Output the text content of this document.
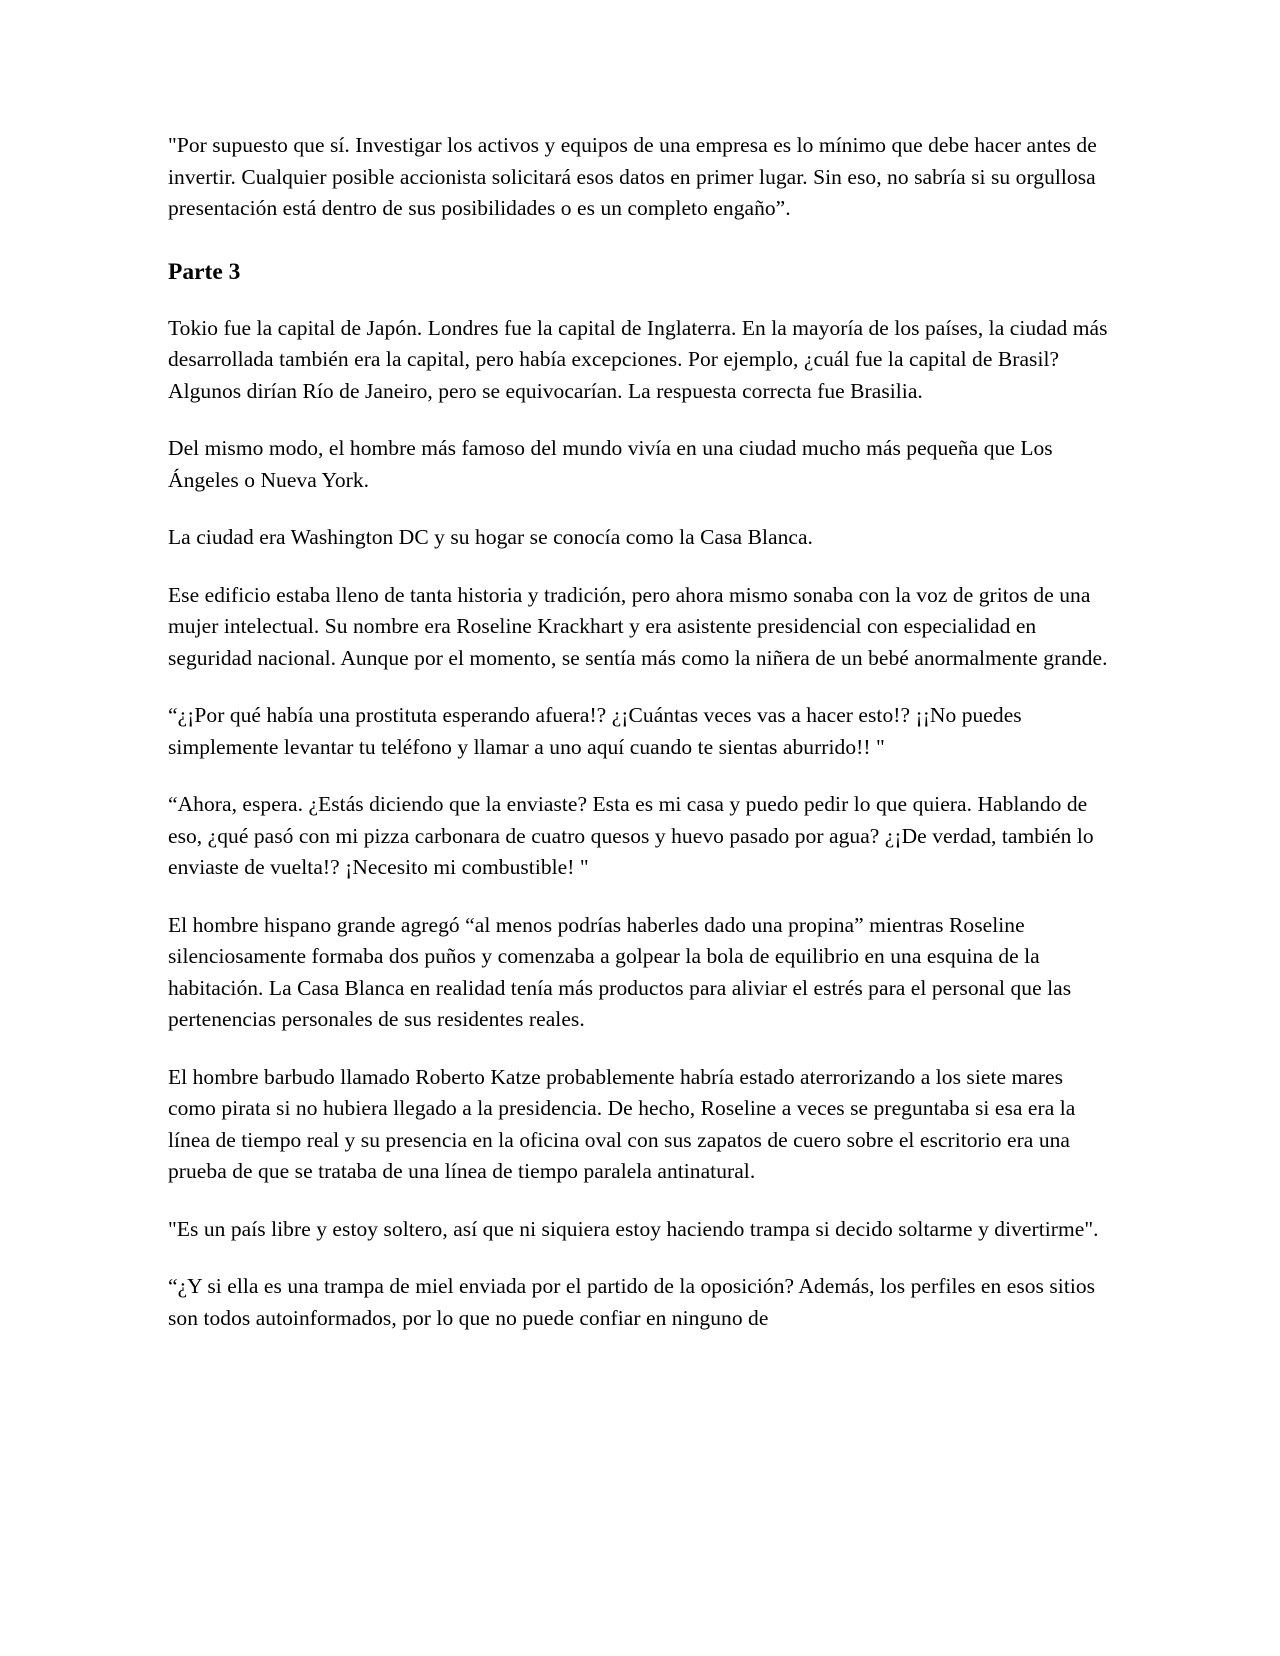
"Por supuesto que sí. Investigar los activos y equipos de una empresa es lo mínimo que debe hacer antes de invertir. Cualquier posible accionista solicitará esos datos en primer lugar. Sin eso, no sabría si su orgullosa presentación está dentro de sus posibilidades o es un completo engaño”.

Parte 3

Tokio fue la capital de Japón. Londres fue la capital de Inglaterra. En la mayoría de los países, la ciudad más desarrollada también era la capital, pero había excepciones. Por ejemplo, ¿cuál fue la capital de Brasil? Algunos dirían Río de Janeiro, pero se equivocarían. La respuesta correcta fue Brasilia.

Del mismo modo, el hombre más famoso del mundo vivía en una ciudad mucho más pequeña que Los Ángeles o Nueva York.

La ciudad era Washington DC y su hogar se conocía como la Casa Blanca.

Ese edificio estaba lleno de tanta historia y tradición, pero ahora mismo sonaba con la voz de gritos de una mujer intelectual. Su nombre era Roseline Krackhart y era asistente presidencial con especialidad en seguridad nacional. Aunque por el momento, se sentía más como la niñera de un bebé anormalmente grande.

“¿¡Por qué había una prostituta esperando afuera!? ¿¡Cuántas veces vas a hacer esto!? ¡¡No puedes simplemente levantar tu teléfono y llamar a uno aquí cuando te sientas aburrido!! "

“Ahora, espera. ¿Estás diciendo que la enviaste? Esta es mi casa y puedo pedir lo que quiera. Hablando de eso, ¿qué pasó con mi pizza carbonara de cuatro quesos y huevo pasado por agua? ¿¡De verdad, también lo enviaste de vuelta!? ¡Necesito mi combustible! "

El hombre hispano grande agregó “al menos podrías haberles dado una propina” mientras Roseline silenciosamente formaba dos puños y comenzaba a golpear la bola de equilibrio en una esquina de la habitación. La Casa Blanca en realidad tenía más productos para aliviar el estrés para el personal que las pertenencias personales de sus residentes reales.

El hombre barbudo llamado Roberto Katze probablemente habría estado aterrorizando a los siete mares como pirata si no hubiera llegado a la presidencia. De hecho, Roseline a veces se preguntaba si esa era la línea de tiempo real y su presencia en la oficina oval con sus zapatos de cuero sobre el escritorio era una prueba de que se trataba de una línea de tiempo paralela antinatural.

"Es un país libre y estoy soltero, así que ni siquiera estoy haciendo trampa si decido soltarme y divertirme".

“¿Y si ella es una trampa de miel enviada por el partido de la oposición? Además, los perfiles en esos sitios son todos autoinformados, por lo que no puede confiar en ninguno de
